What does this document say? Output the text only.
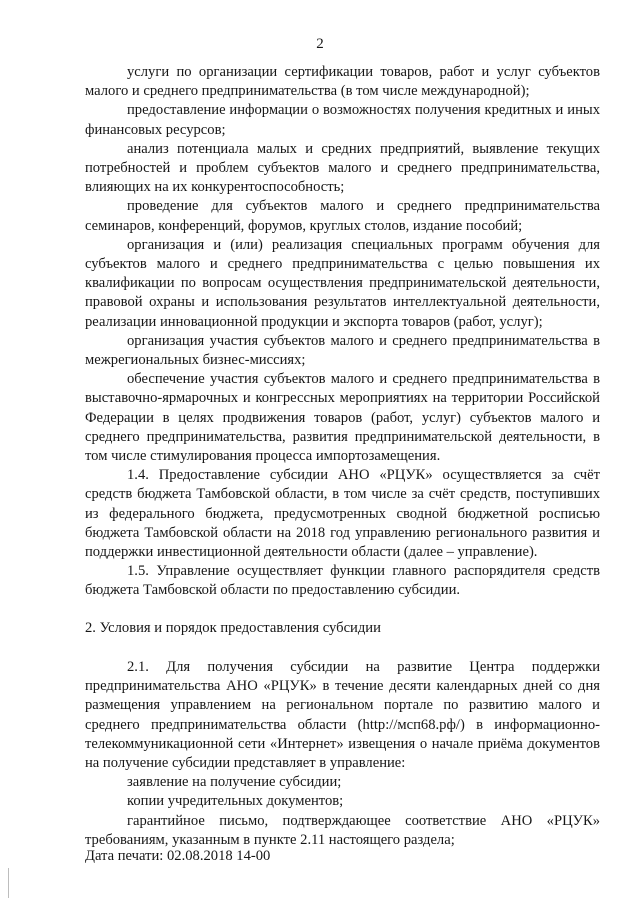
2

услуги по организации сертификации товаров, работ и услуг субъектов малого и среднего предпринимательства (в том числе международной);

предоставление информации о возможностях получения кредитных и иных финансовых ресурсов;

анализ потенциала малых и средних предприятий, выявление текущих потребностей и проблем субъектов малого и среднего предпринимательства, влияющих на их конкурентоспособность;

проведение для субъектов малого и среднего предпринимательства семинаров, конференций, форумов, круглых столов, издание пособий;

организация и (или) реализация специальных программ обучения для субъектов малого и среднего предпринимательства с целью повышения их квалификации по вопросам осуществления предпринимательской деятельности, правовой охраны и использования результатов интеллектуальной деятельности, реализации инновационной продукции и экспорта товаров (работ, услуг);

организация участия субъектов малого и среднего предпринимательства в межрегиональных бизнес-миссиях;

обеспечение участия субъектов малого и среднего предпринимательства в выставочно-ярмарочных и конгрессных мероприятиях на территории Российской Федерации в целях продвижения товаров (работ, услуг) субъектов малого и среднего предпринимательства, развития предпринимательской деятельности, в том числе стимулирования процесса импортозамещения.

1.4. Предоставление субсидии АНО «РЦУК» осуществляется за счёт средств бюджета Тамбовской области, в том числе за счёт средств, поступивших из федерального бюджета, предусмотренных сводной бюджетной росписью бюджета Тамбовской области на 2018 год управлению регионального развития и поддержки инвестиционной деятельности области (далее – управление).

1.5. Управление осуществляет функции главного распорядителя средств бюджета Тамбовской области по предоставлению субсидии.

2. Условия и порядок предоставления субсидии

2.1. Для получения субсидии на развитие Центра поддержки предпринимательства АНО «РЦУК» в течение десяти календарных дней со дня размещения управлением на региональном портале по развитию малого и среднего предпринимательства области (http://мсп68.рф/) в информационно-телекоммуникационной сети «Интернет» извещения о начале приёма документов на получение субсидии представляет в управление:

заявление на получение субсидии;

копии учредительных документов;

гарантийное письмо, подтверждающее соответствие АНО «РЦУК» требованиям, указанным в пункте 2.11 настоящего раздела;

Дата печати: 02.08.2018 14-00
